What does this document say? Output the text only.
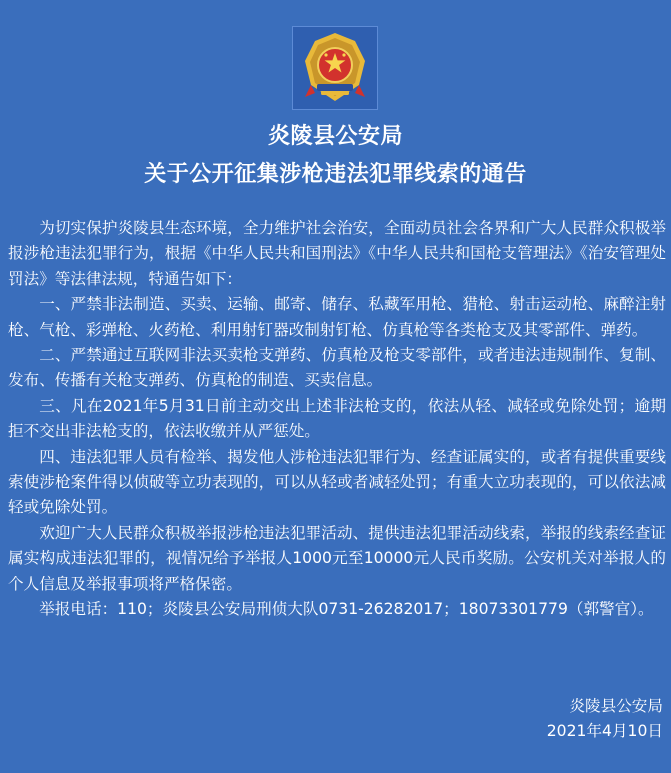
炎陵县公安局
关于公开征集涉枪违法犯罪线索的通告

为切实保护炎陵县生态环境，全力维护社会治安，全面动员社会各界和广大人民群众积极举报涉枪违法犯罪行为，根据《中华人民共和国刑法》《中华人民共和国枪支管理法》《治安管理处罚法》等法律法规，特通告如下：

一、严禁非法制造、买卖、运输、邮寄、储存、私藏军用枪、猎枪、射击运动枪、麻醉注射枪、气枪、彩弹枪、火药枪、利用射钉器改制射钉枪、仿真枪等各类枪支及其零部件、弹药。

二、严禁通过互联网非法买卖枪支弹药、仿真枪及枪支零部件，或者违法违规制作、复制、发布、传播有关枪支弹药、仿真枪的制造、买卖信息。

三、凡在2021年5月31日前主动交出上述非法枪支的，依法从轻、减轻或免除处罚；逾期拒不交出非法枪支的，依法收缴并从严惩处。

四、违法犯罪人员有检举、揭发他人涉枪违法犯罪行为、经查证属实的，或者有提供重要线索使涉枪案件得以侦破等立功表现的，可以从轻或者减轻处罚；有重大立功表现的，可以依法减轻或免除处罚。

欢迎广大人民群众积极举报涉枪违法犯罪活动、提供违法犯罪活动线索，举报的线索经查证属实构成违法犯罪的，视情况给予举报人1000元至10000元人民币奖励。公安机关对举报人的个人信息及举报事项将严格保密。

举报电话：110；炎陵县公安局刑侦大队0731-26282017；18073301779（郭警官）。

炎陵县公安局
2021年4月10日
